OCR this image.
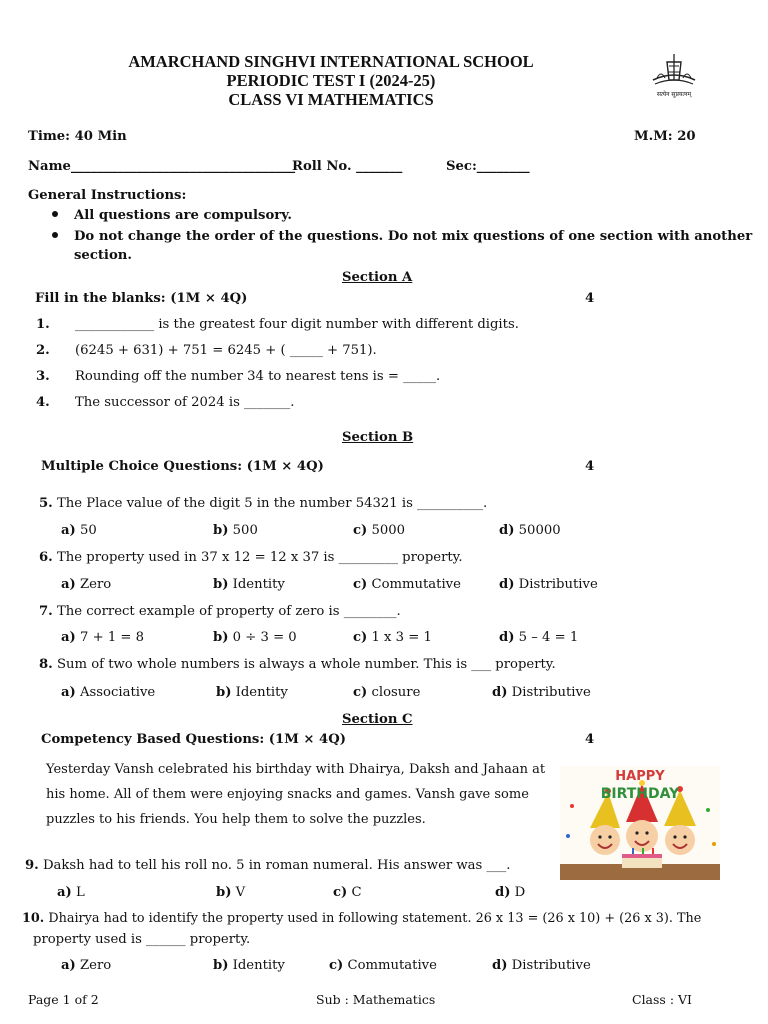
AMARCHAND SINGHVI INTERNATIONAL SCHOOL
PERIODIC TEST I (2024-25)
CLASS VI MATHEMATICS	सत्येन सुप्रयत्नम्
Time: 40 Min	M.M: 20
Name__________________________________
Roll No. _______	Sec:________
General Instructions:
All questions are compulsory.
Do not change the order of the questions. Do not mix questions of one section with another
section.
Section A
Fill in the blanks: (1M × 4Q)	4
1. ____________ is the greatest four digit number with different digits.
2. (6245 + 631) + 751 = 6245 + ( _____ + 751).
3. Rounding off the number 34 to nearest tens is = _____.
4. The successor of 2024 is _______.
Section B
Multiple Choice Questions: (1M × 4Q)	4
5. The Place value of the digit 5 in the number 54321 is __________.
a) 50	b) 500	c) 5000	d) 50000
6. The property used in 37 x 12 = 12 x 37 is _________ property.
a) Zero	b) Identity	c) Commutative	d) Distributive
7. The correct example of property of zero is ________.
a) 7 + 1 = 8	b) 0 ÷ 3 = 0	c) 1 x 3 = 1	d) 5 – 4 = 1
8. Sum of two whole numbers is always a whole number. This is ___ property.
a) Associative	b) Identity	c) closure	d) Distributive
Section C
Competency Based Questions: (1M × 4Q)	4
Yesterday Vansh celebrated his birthday with Dhairya, Daksh and Jahaan at
his home. All of them were enjoying snacks and games. Vansh gave some
puzzles to his friends. You help them to solve the puzzles.
HAPPY
BIRTHDAY
9. Daksh had to tell his roll no. 5 in roman numeral. His answer was ___.
a) L	b) V	c) C	d) D
10. Dhairya had to identify the property used in following statement. 26 x 13 = (26 x 10) + (26 x 3). The
property used is ______ property.
a) Zero	b) Identity	c) Commutative	d) Distributive
Page 1 of 2	Sub : Mathematics	Class : VI
